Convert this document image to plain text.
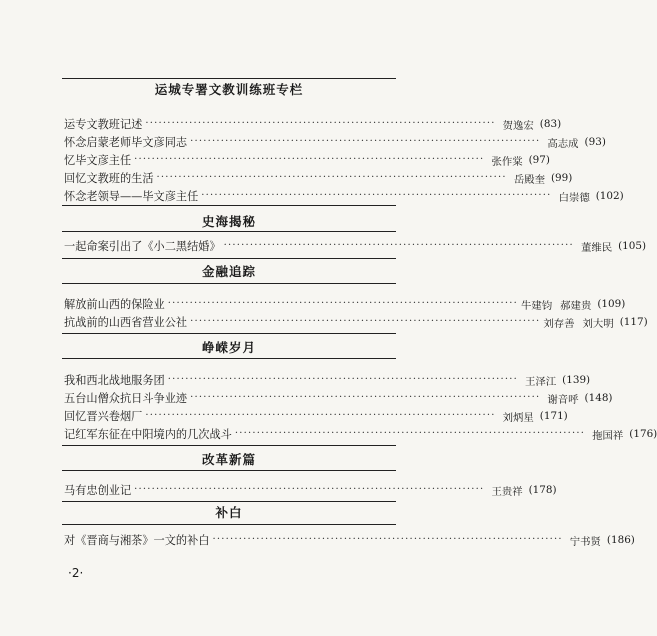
运城专署文教训练班专栏
运专文教班记述 ················································································ 贺逸宏 (83)
怀念启蒙老师毕文彦同志 ················································································ 高志成 (93)
忆毕文彦主任 ················································································ 张作棠 (97)
回忆文教班的生活 ················································································ 岳殿奎 (99)
怀念老领导——毕文彦主任 ················································································ 白崇德 (102)
史海揭秘
一起命案引出了《小二黑结婚》 ················································································ 董维民 (105)
金融追踪
解放前山西的保险业 ················································································ 牛建钧 郝建贵 (109)
抗战前的山西省营业公社 ················································································ 刘存善 刘大明 (117)
峥嵘岁月
我和西北战地服务团 ················································································ 王泽江 (139)
五台山僧众抗日斗争业迹 ················································································ 谢音呼 (148)
回忆晋兴卷烟厂 ················································································ 刘炳星 (171)
记红军东征在中阳境内的几次战斗 ················································································ 拖国祥 (176)
改革新篇
马有忠创业记 ················································································ 王贵祥 (178)
补白
对《晋商与湘茶》一文的补白 ················································································ 宁书贤 (186)
·2·
